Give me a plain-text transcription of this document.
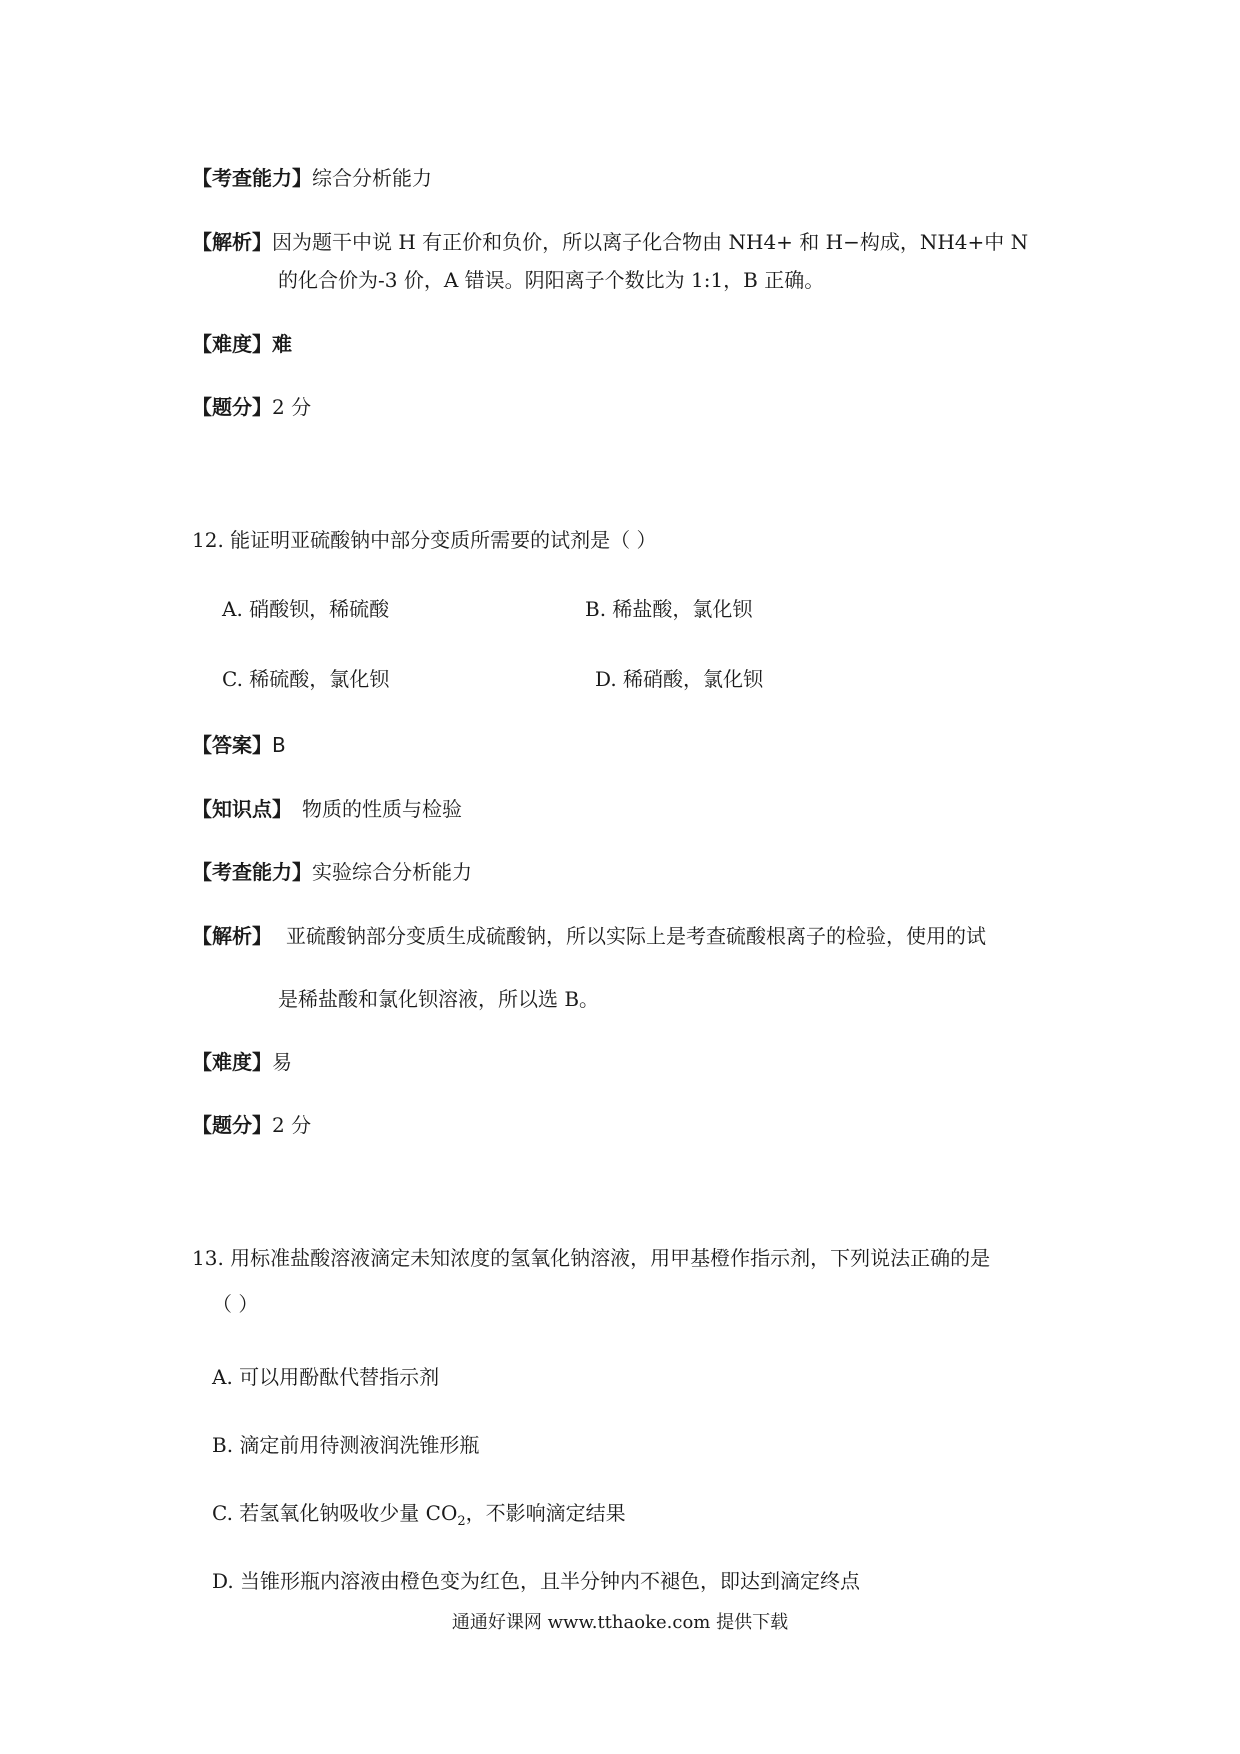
【考查能力】综合分析能力
【解析】因为题干中说 H 有正价和负价，所以离子化合物由 NH4+ 和 H−构成，NH4+中 N
的化合价为-3 价，A 错误。阴阳离子个数比为 1:1，B 正确。
【难度】难
【题分】2 分
12. 能证明亚硫酸钠中部分变质所需要的试剂是（ ）
A. 硝酸钡，稀硫酸	B. 稀盐酸，氯化钡
C. 稀硫酸，氯化钡	D. 稀硝酸，氯化钡
【答案】B
【知识点】 物质的性质与检验
【考查能力】实验综合分析能力
【解析】 亚硫酸钠部分变质生成硫酸钠，所以实际上是考查硫酸根离子的检验，使用的试
是稀盐酸和氯化钡溶液，所以选 B。
【难度】易
【题分】2 分
13. 用标准盐酸溶液滴定未知浓度的氢氧化钠溶液，用甲基橙作指示剂，下列说法正确的是
（ ）
A. 可以用酚酞代替指示剂
B. 滴定前用待测液润洗锥形瓶
C. 若氢氧化钠吸收少量 $CO_2$，不影响滴定结果
D. 当锥形瓶内溶液由橙色变为红色，且半分钟内不褪色，即达到滴定终点
通通好课网 www.tthaoke.com 提供下载
